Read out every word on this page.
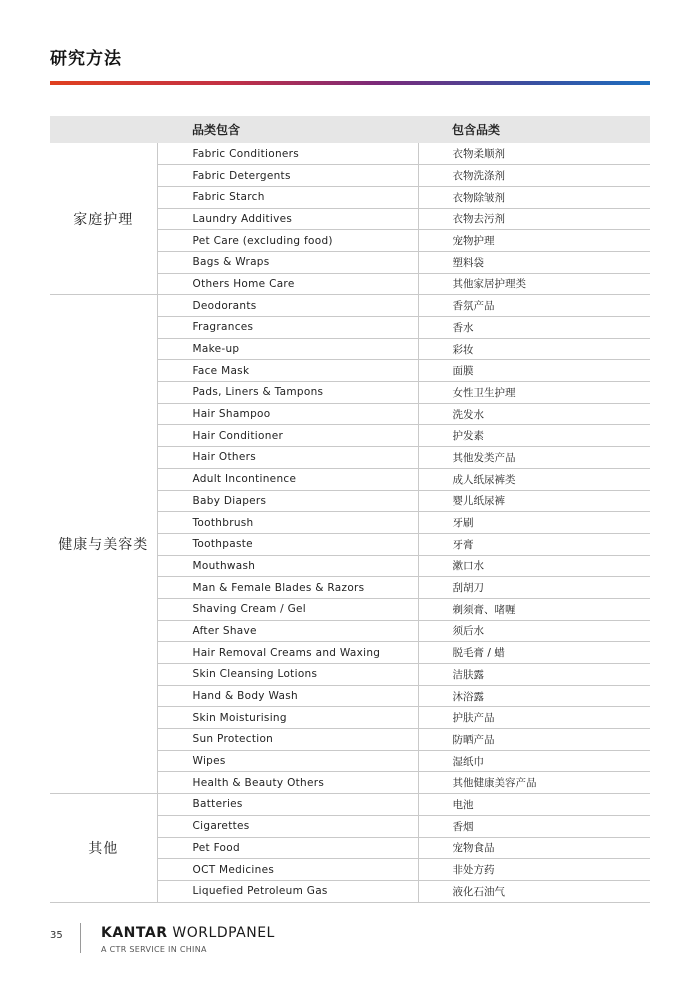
研究方法
	品类包含	包含品类
家庭护理	Fabric Conditioners	衣物柔顺剂
	Fabric Detergents	衣物洗涤剂
	Fabric Starch	衣物除皱剂
	Laundry Additives	衣物去污剂
	Pet Care (excluding food)	宠物护理
	Bags & Wraps	塑料袋
	Others Home Care	其他家居护理类
健康与美容类	Deodorants	香氛产品
	Fragrances	香水
	Make-up	彩妆
	Face Mask	面膜
	Pads, Liners & Tampons	女性卫生护理
	Hair Shampoo	洗发水
	Hair Conditioner	护发素
	Hair Others	其他发类产品
	Adult Incontinence	成人纸尿裤类
	Baby Diapers	婴儿纸尿裤
	Toothbrush	牙刷
	Toothpaste	牙膏
	Mouthwash	漱口水
	Man & Female Blades & Razors	刮胡刀
	Shaving Cream / Gel	剃须膏、啫喱
	After Shave	须后水
	Hair Removal Creams and Waxing	脱毛膏 / 蜡
	Skin Cleansing Lotions	洁肤露
	Hand & Body Wash	沐浴露
	Skin Moisturising	护肤产品
	Sun Protection	防晒产品
	Wipes	湿纸巾
	Health & Beauty Others	其他健康美容产品
其他	Batteries	电池
	Cigarettes	香烟
	Pet Food	宠物食品
	OCT Medicines	非处方药
	Liquefied Petroleum Gas	液化石油气
35	KANTAR WORLDPANEL
A CTR SERVICE IN CHINA
